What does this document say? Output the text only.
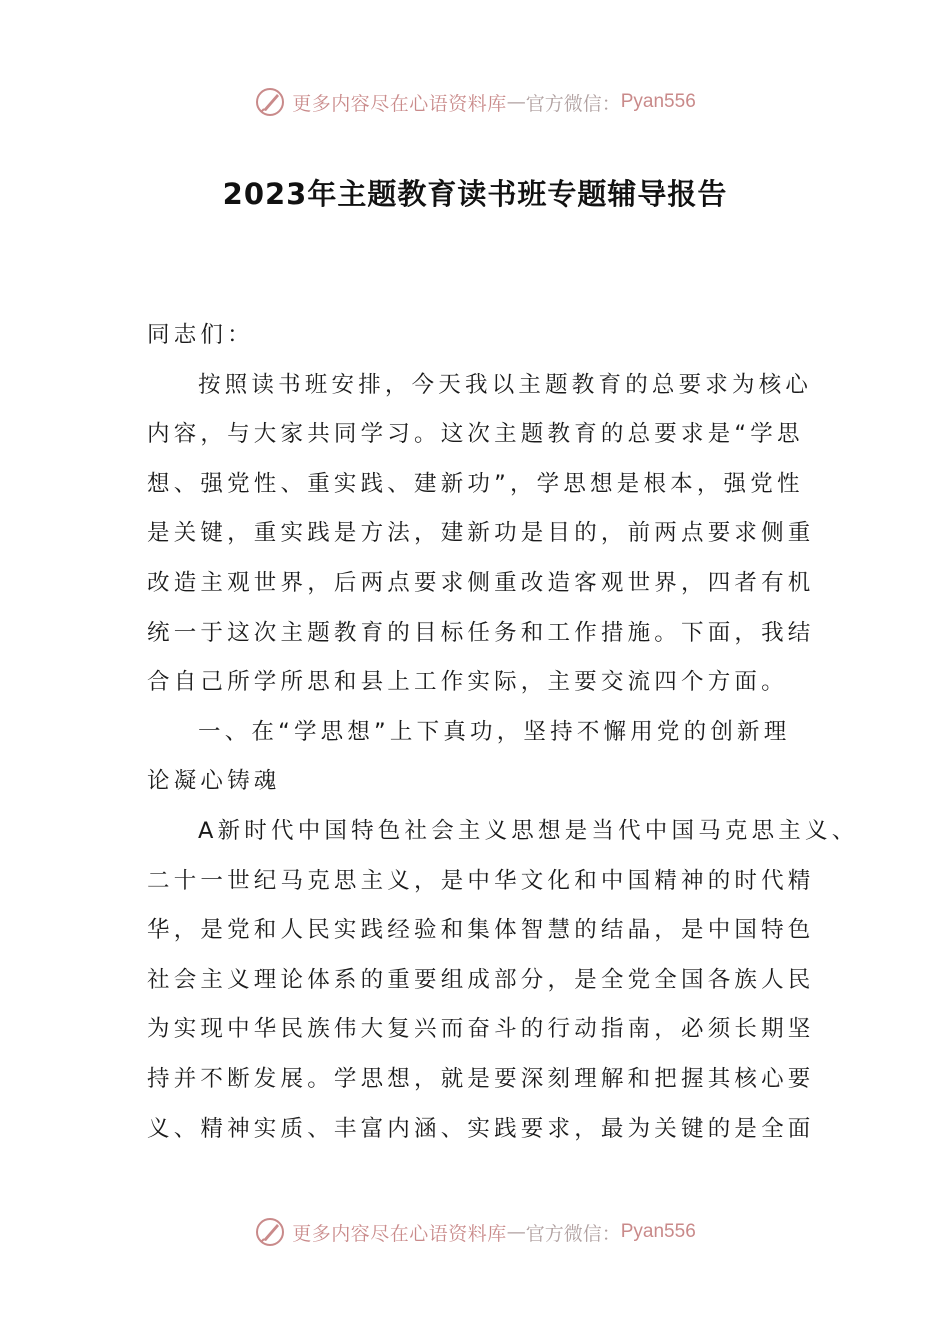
更多内容尽在心语资料库 — 官方微信： Pyan556
2023年主题教育读书班专题辅导报告
同志们：
按照读书班安排，今天我以主题教育的总要求为核心
内容，与大家共同学习。这次主题教育的总要求是“学思
想、强党性、重实践、建新功”，学思想是根本，强党性
是关键，重实践是方法，建新功是目的，前两点要求侧重
改造主观世界，后两点要求侧重改造客观世界，四者有机
统一于这次主题教育的目标任务和工作措施。下面，我结
合自己所学所思和县上工作实际，主要交流四个方面。
一、在“学思想”上下真功，坚持不懈用党的创新理
论凝心铸魂
A新时代中国特色社会主义思想是当代中国马克思主义、
二十一世纪马克思主义，是中华文化和中国精神的时代精
华，是党和人民实践经验和集体智慧的结晶，是中国特色
社会主义理论体系的重要组成部分，是全党全国各族人民
为实现中华民族伟大复兴而奋斗的行动指南，必须长期坚
持并不断发展。学思想，就是要深刻理解和把握其核心要
义、精神实质、丰富内涵、实践要求，最为关键的是全面
更多内容尽在心语资料库 — 官方微信： Pyan556
